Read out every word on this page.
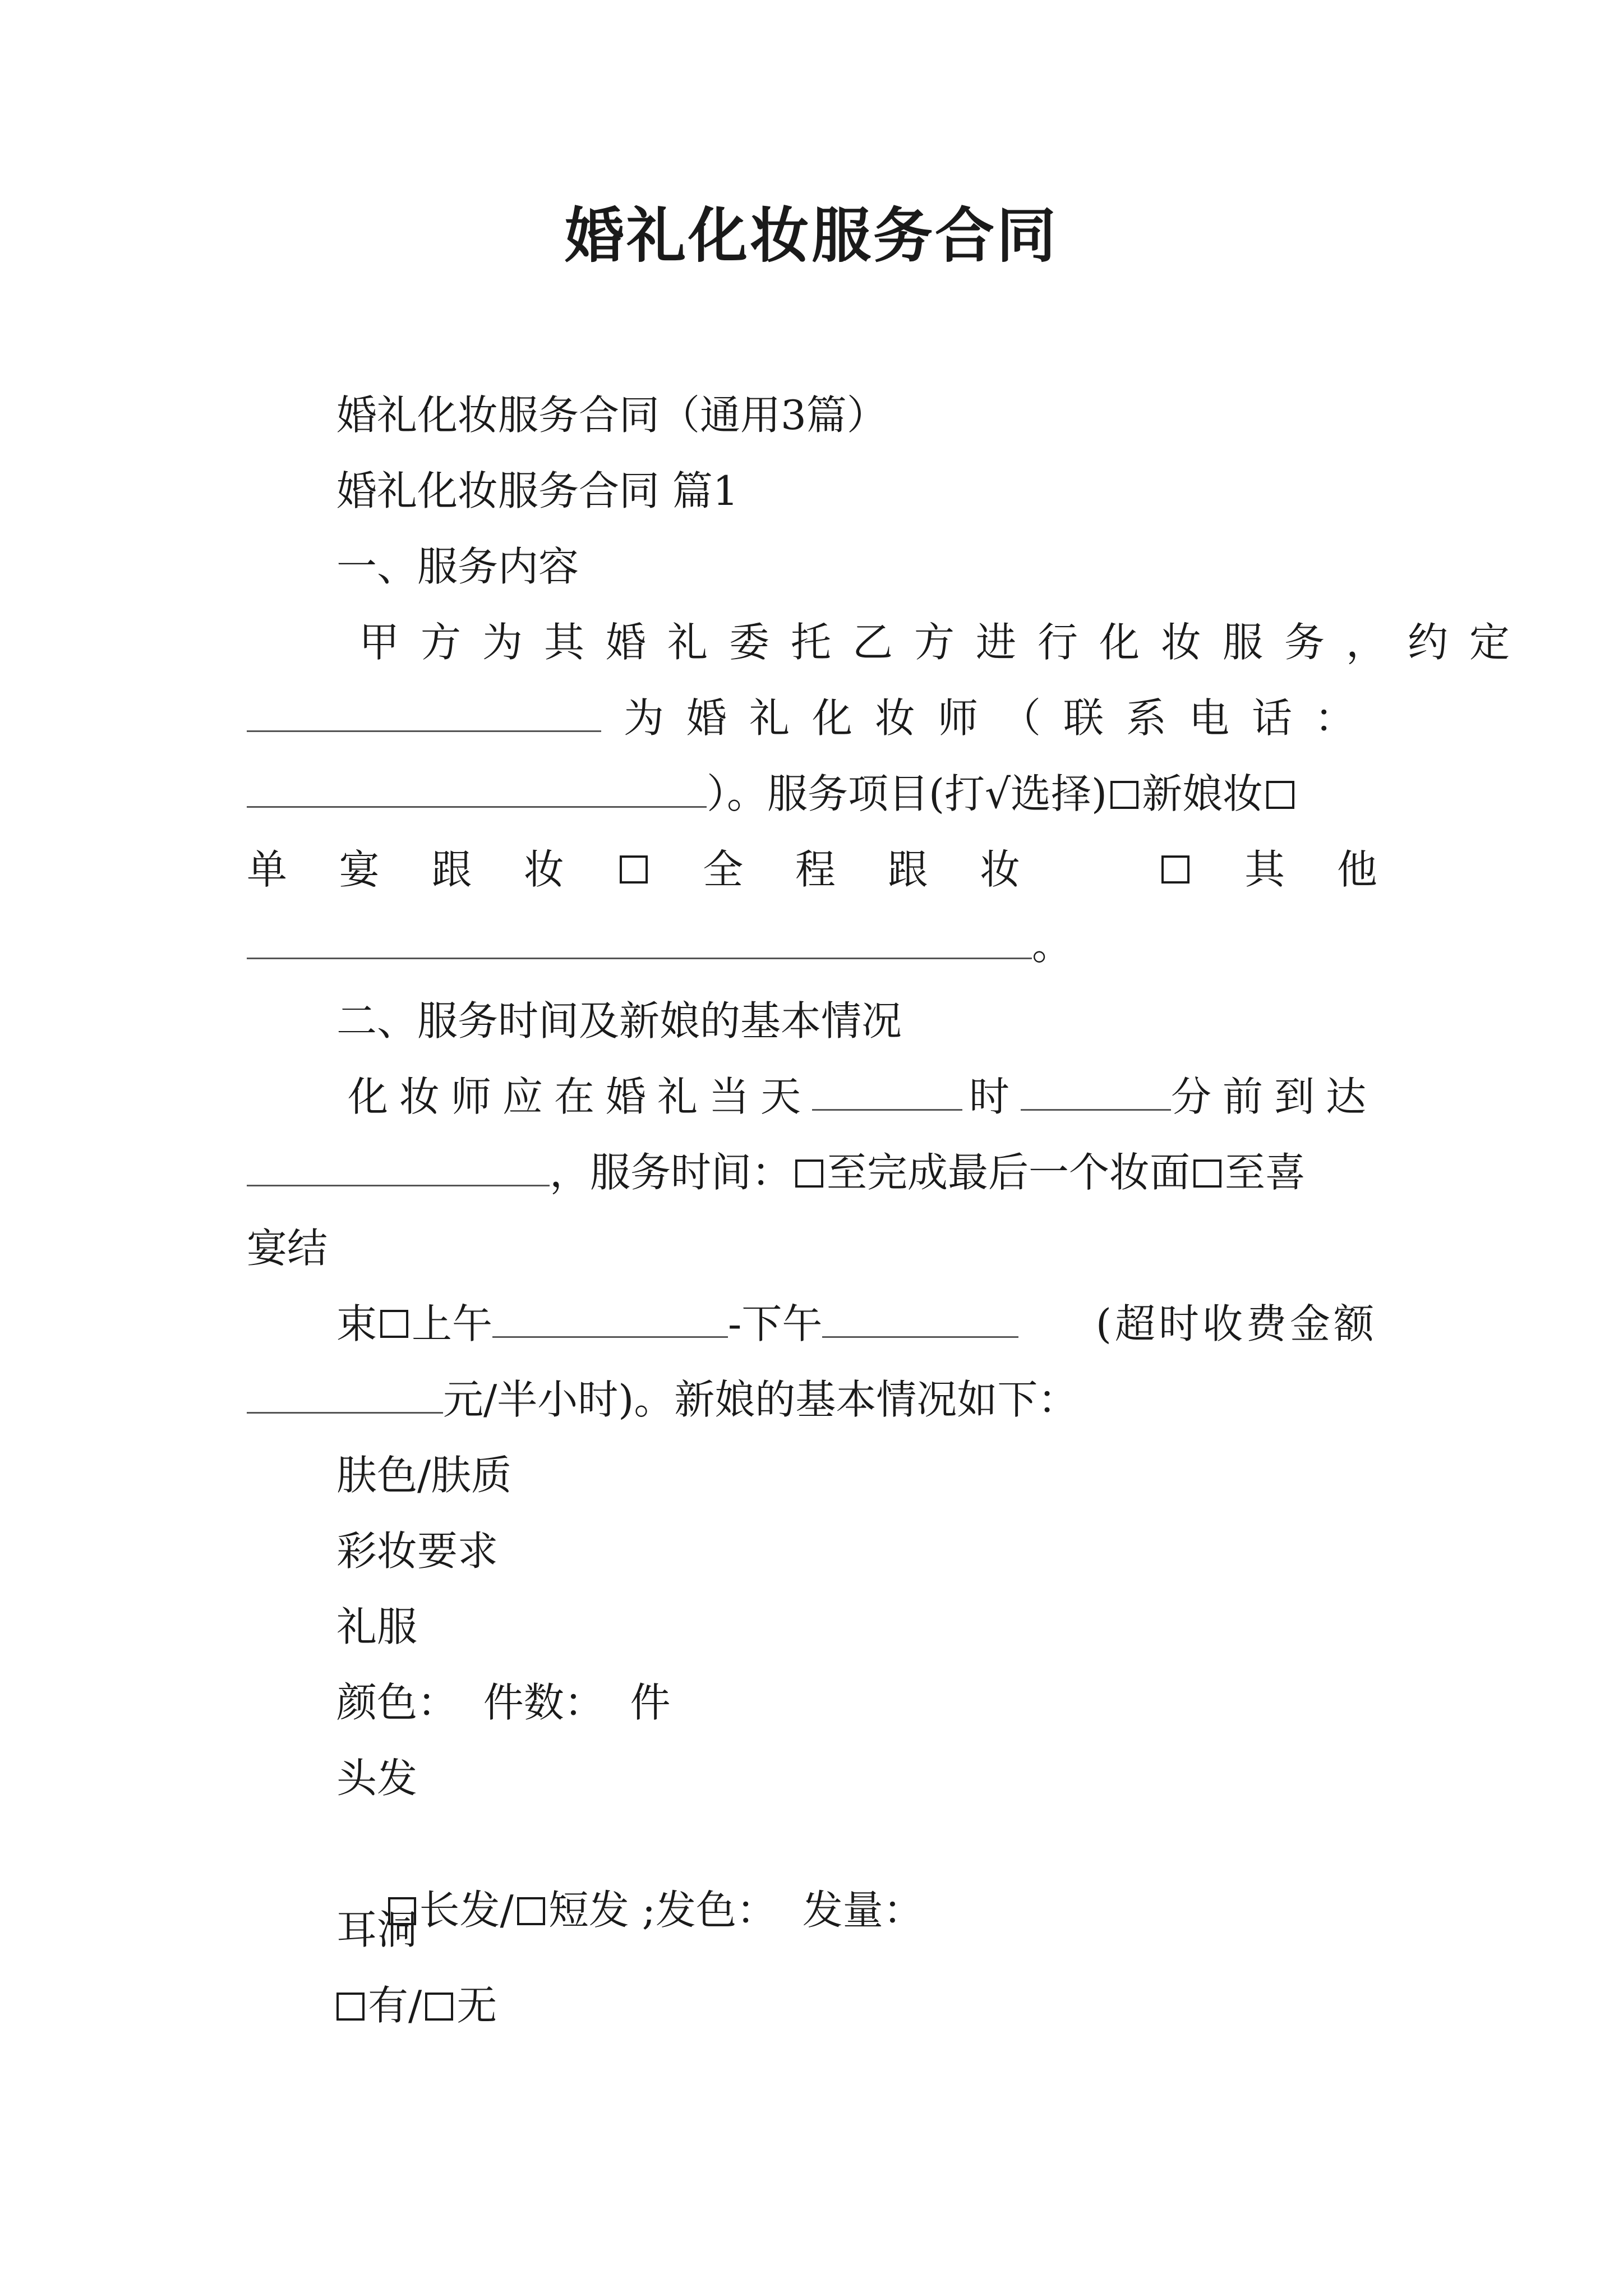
婚礼化妆服务合同
婚礼化妆服务合同（通用3篇）
婚礼化妆服务合同 篇1
一、服务内容
甲方为其婚礼委托乙方进行化妆服务，约定
为婚礼化妆师（联系电话：
）。服务项目(打√选择) 新娘妆
单 宴 跟 妆	全 程 跟 妆	其 他
。
二、服务时间及新娘的基本情况
化妆师应在婚礼当天	时	分前到达
，服务时间： 至完成最后一个妆面 至喜
宴结
束 上午	-下午	(超时收费金额
元/半小时)。新娘的基本情况如下：
肤色/肤质
彩妆要求
礼服
颜色：  件数：  件
头发

长发/ 短发 ;发色：  发量：

耳洞
有/ 无
